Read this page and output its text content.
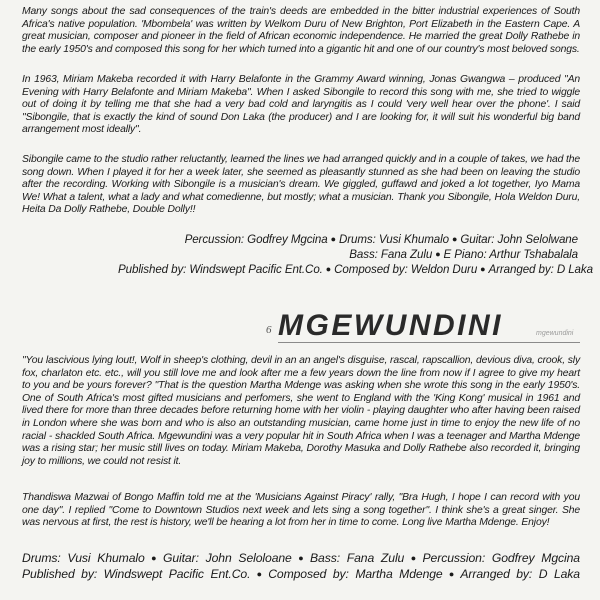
Many songs about the sad consequences of the train's deeds are embedded in the bitter industrial experiences of South Africa's native population. 'Mbombela' was written by Welkom Duru of New Brighton, Port Elizabeth in the Eastern Cape. A great musician, composer and pioneer in the field of African economic independence. He married the great Dolly Rathebe in the early 1950's and composed this song for her which turned into a gigantic hit and one of our country's most beloved songs.

In 1963, Miriam Makeba recorded it with Harry Belafonte in the Grammy Award winning, Jonas Gwangwa – produced "An Evening with Harry Belafonte and Miriam Makeba". When I asked Sibongile to record this song with me, she tried to wiggle out of doing it by telling me that she had a very bad cold and laryngitis as I could 'very well hear over the phone'. I said "Sibongile, that is exactly the kind of sound Don Laka (the producer) and I are looking for, it will suit his wonderful big band arrangement most ideally".

Sibongile came to the studio rather reluctantly, learned the lines we had arranged quickly and in a couple of takes, we had the song down. When I played it for her a week later, she seemed as pleasantly stunned as she had been on leaving the studio after the recording. Working with Sibongile is a musician's dream. We giggled, guffawd and joked a lot together, Iyo Mama We! What a talent, what a lady and what comedienne, but mostly; what a musician. Thank you Sibongile, Hola Weldon Duru, Heita Da Dolly Rathebe, Double Dolly!!

Percussion: Godfrey Mgcina ● Drums: Vusi Khumalo ● Guitar: John Selolwane
Bass: Fana Zulu ● E Piano: Arthur Tshabalala
Published by: Windswept Pacific Ent.Co. ● Composed by: Weldon Duru ● Arranged by: D Laka
6 MGEWUNDINI	mgewundini

"You lascivious lying lout!, Wolf in sheep's clothing, devil in an an angel's disguise, rascal, rapscallion, devious diva, crook, sly fox, charlaton etc. etc., will you still love me and look after me a few years down the line from now if I agree to give my heart to you and be yours forever? "That is the question Martha Mdenge was asking when she wrote this song in the early 1950's. One of South Africa's most gifted musicians and perfomers, she went to England with the 'King Kong' musical in 1961 and lived there for more than three decades before returning home with her violin - playing daughter who after having been raised in London where she was born and who is also an outstanding musician, came home just in time to enjoy the new life of no racial - shackled South Africa. Mgewundini was a very popular hit in South Africa when I was a teenager and Martha Mdenge was a rising star; her music still lives on today. Miriam Makeba, Dorothy Masuka and Dolly Rathebe also recorded it, bringing joy to millions, we could not resist it.

Thandiswa Mazwai of Bongo Maffin told me at the 'Musicians Against Piracy' rally, "Bra Hugh, I hope I can record with you one day". I replied "Come to Downtown Studios next week and lets sing a song together". I think she's a great singer. She was nervous at first, the rest is history, we'll be hearing a lot from her in time to come. Long live Martha Mdenge. Enjoy!

Drums: Vusi Khumalo ● Guitar: John Seloloane ● Bass: Fana Zulu ● Percussion: Godfrey Mgcina
Published by: Windswept Pacific Ent.Co. ● Composed by: Martha Mdenge ● Arranged by: D Laka
